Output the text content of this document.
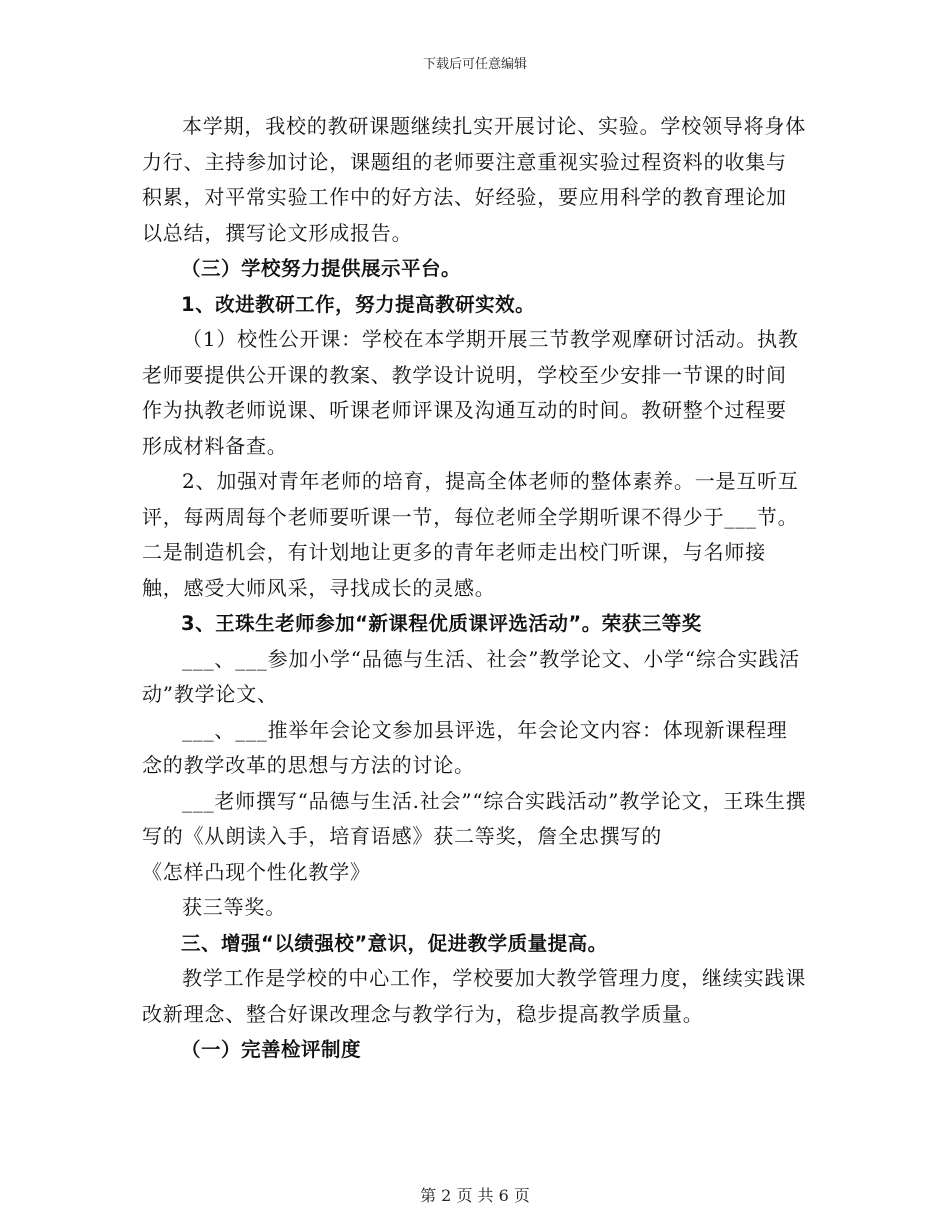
下载后可任意编辑

本学期，我校的教研课题继续扎实开展讨论、实验。学校领导将身体力行、主持参加讨论，课题组的老师要注意重视实验过程资料的收集与积累，对平常实验工作中的好方法、好经验，要应用科学的教育理论加以总结，撰写论文形成报告。

（三）学校努力提供展示平台。

1、改进教研工作，努力提高教研实效。

（1）校性公开课：学校在本学期开展三节教学观摩研讨活动。执教老师要提供公开课的教案、教学设计说明，学校至少安排一节课的时间作为执教老师说课、听课老师评课及沟通互动的时间。教研整个过程要形成材料备查。

2、加强对青年老师的培育，提高全体老师的整体素养。一是互听互评，每两周每个老师要听课一节，每位老师全学期听课不得少于___节。二是制造机会，有计划地让更多的青年老师走出校门听课，与名师接触，感受大师风采，寻找成长的灵感。

3、王珠生老师参加“新课程优质课评选活动”。荣获三等奖

___、___参加小学“品德与生活、社会”教学论文、小学“综合实践活动”教学论文、

___、___推举年会论文参加县评选，年会论文内容：体现新课程理念的教学改革的思想与方法的讨论。

___老师撰写“品德与生活.社会”“综合实践活动”教学论文，王珠生撰写的《从朗读入手，培育语感》获二等奖，詹全忠撰写的

《怎样凸现个性化教学》

获三等奖。

三、增强“以绩强校”意识，促进教学质量提高。

教学工作是学校的中心工作，学校要加大教学管理力度，继续实践课改新理念、整合好课改理念与教学行为，稳步提高教学质量。

（一）完善检评制度

第 2 页 共 6 页
